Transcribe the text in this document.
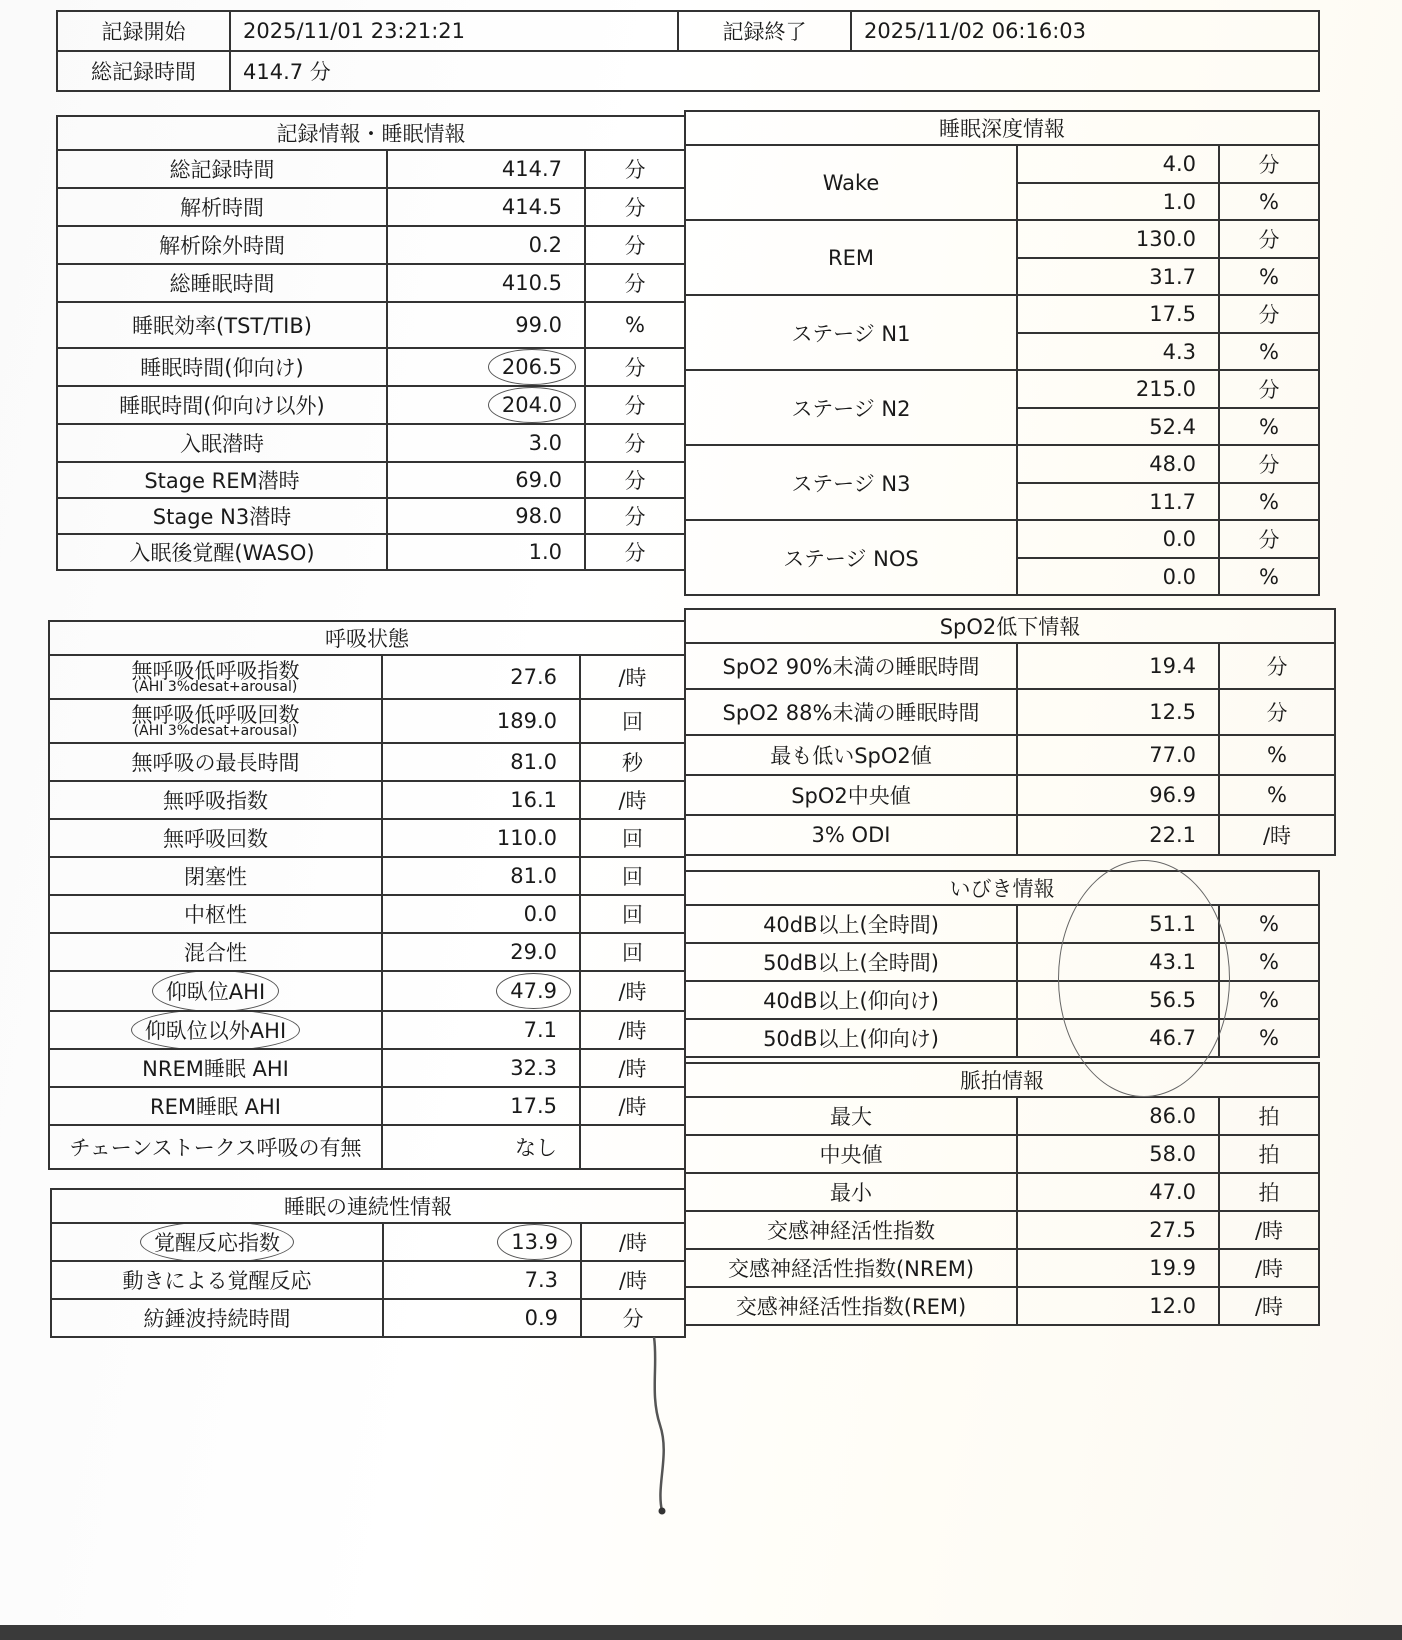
記録開始	2025/11/01 23:21:21	記録終了	2025/11/02 06:16:03
総記録時間	414.7 分		
記録情報・睡眠情報		
総記録時間	414.7	分
解析時間	414.5	分
解析除外時間	0.2	分
総睡眠時間	410.5	分
睡眠効率(TST/TIB)	99.0	%
睡眠時間(仰向け)	206.5	分
睡眠時間(仰向け以外)	204.0	分
入眠潜時	3.0	分
Stage REM潜時	69.0	分
Stage N3潜時	98.0	分
入眠後覚醒(WASO)	1.0	分
呼吸状態		

無呼吸低呼吸指数
(AHI 3%desat+arousal)	27.6	/時

無呼吸低呼吸回数
(AHI 3%desat+arousal)	189.0	回
無呼吸の最長時間	81.0	秒
無呼吸指数	16.1	/時
無呼吸回数	110.0	回
閉塞性	81.0	回
中枢性	0.0	回
混合性	29.0	回
仰臥位AHI	47.9	/時
仰臥位以外AHI	7.1	/時
NREM睡眠 AHI	32.3	/時
REM睡眠 AHI	17.5	/時
チェーンストークス呼吸の有無	なし	
睡眠の連続性情報		
覚醒反応指数	13.9	/時
動きによる覚醒反応	7.3	/時
紡錘波持続時間	0.9	分
睡眠深度情報		
Wake	4.0	分
	1.0	%
REM	130.0	分
	31.7	%
ステージ N1	17.5	分
	4.3	%
ステージ N2	215.0	分
	52.4	%
ステージ N3	48.0	分
	11.7	%
ステージ NOS	0.0	分
	0.0	%
SpO2低下情報		
SpO2 90%未満の睡眠時間	19.4	分
SpO2 88%未満の睡眠時間	12.5	分
最も低いSpO2値	77.0	%
SpO2中央値	96.9	%
3% ODI	22.1	/時
いびき情報		
40dB以上(全時間)	51.1	%
50dB以上(全時間)	43.1	%
40dB以上(仰向け)	56.5	%
50dB以上(仰向け)	46.7	%
脈拍情報		
最大	86.0	拍
中央値	58.0	拍
最小	47.0	拍
交感神経活性指数	27.5	/時
交感神経活性指数(NREM)	19.9	/時
交感神経活性指数(REM)	12.0	/時
